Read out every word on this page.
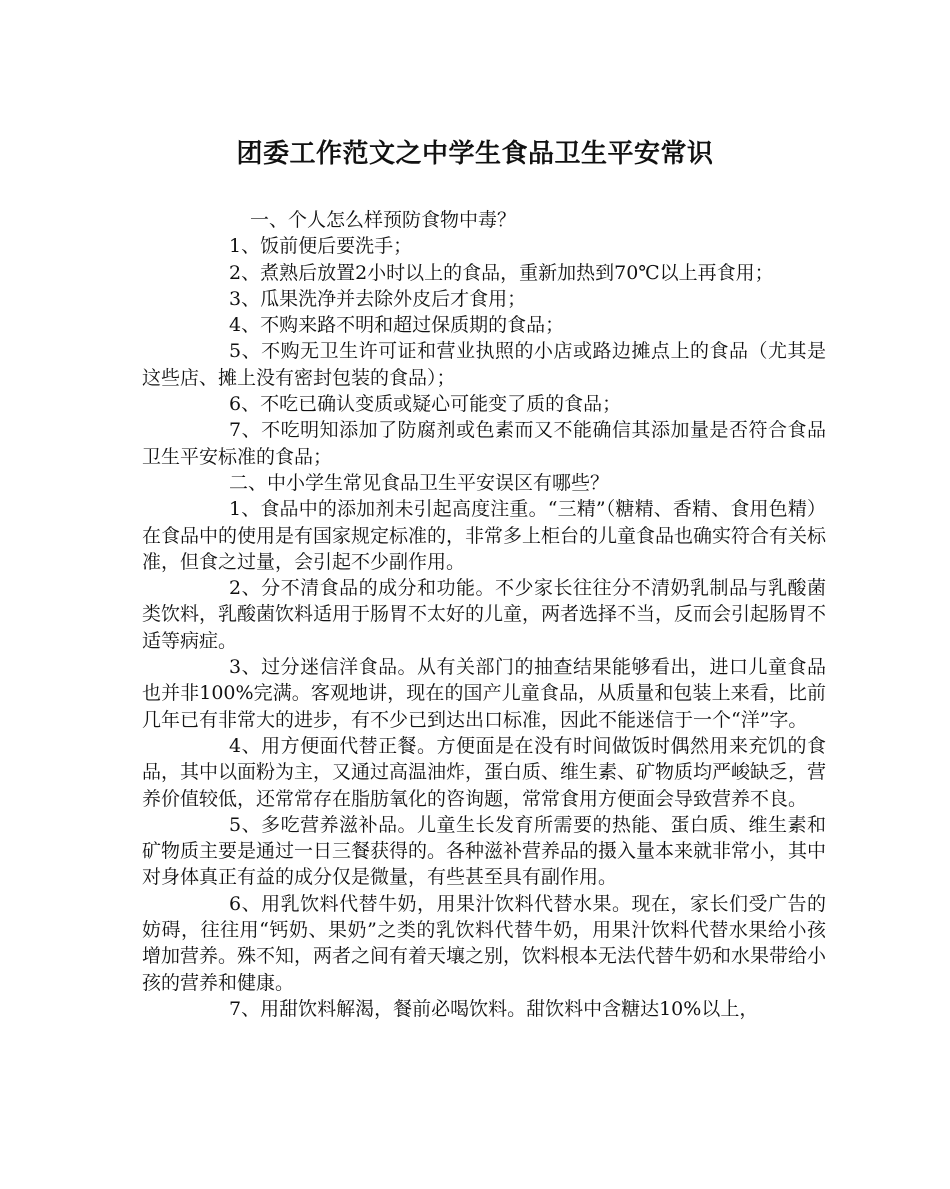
团委工作范文之中学生食品卫生平安常识

一、个人怎么样预防食物中毒？

1、饭前便后要洗手；

2、煮熟后放置2小时以上的食品，重新加热到70℃以上再食用；

3、瓜果洗净并去除外皮后才食用；

4、不购来路不明和超过保质期的食品；

5、不购无卫生许可证和营业执照的小店或路边摊点上的食品（尤其是这些店、摊上没有密封包装的食品）；

6、不吃已确认变质或疑心可能变了质的食品；

7、不吃明知添加了防腐剂或色素而又不能确信其添加量是否符合食品卫生平安标准的食品；

二、中小学生常见食品卫生平安误区有哪些？

1、食品中的添加剂未引起高度注重。“三精”（糖精、香精、食用色精）在食品中的使用是有国家规定标准的，非常多上柜台的儿童食品也确实符合有关标准，但食之过量，会引起不少副作用。

2、分不清食品的成分和功能。不少家长往往分不清奶乳制品与乳酸菌类饮料，乳酸菌饮料适用于肠胃不太好的儿童，两者选择不当，反而会引起肠胃不适等病症。

3、过分迷信洋食品。从有关部门的抽查结果能够看出，进口儿童食品也并非100%完满。客观地讲，现在的国产儿童食品，从质量和包装上来看，比前几年已有非常大的进步，有不少已到达出口标准，因此不能迷信于一个“洋”字。

4、用方便面代替正餐。方便面是在没有时间做饭时偶然用来充饥的食品，其中以面粉为主，又通过高温油炸，蛋白质、维生素、矿物质均严峻缺乏，营养价值较低，还常常存在脂肪氧化的咨询题，常常食用方便面会导致营养不良。

5、多吃营养滋补品。儿童生长发育所需要的热能、蛋白质、维生素和矿物质主要是通过一日三餐获得的。各种滋补营养品的摄入量本来就非常小，其中对身体真正有益的成分仅是微量，有些甚至具有副作用。

6、用乳饮料代替牛奶，用果汁饮料代替水果。现在，家长们受广告的妨碍，往往用“钙奶、果奶”之类的乳饮料代替牛奶，用果汁饮料代替水果给小孩增加营养。殊不知，两者之间有着天壤之别，饮料根本无法代替牛奶和水果带给小孩的营养和健康。

7、用甜饮料解渴，餐前必喝饮料。甜饮料中含糖达10%以上，
